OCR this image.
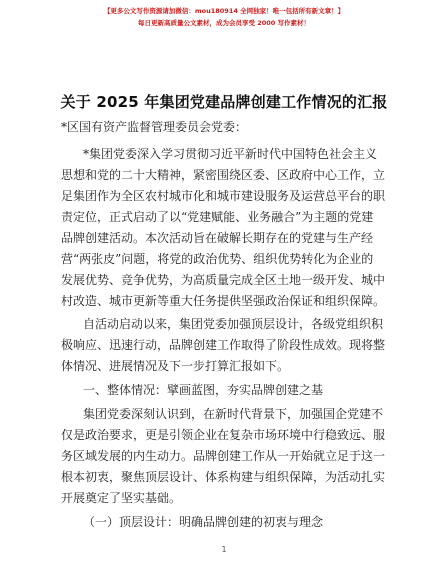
【更多公文写作资源请加微信：mou180914 全网独家！唯一包括所有新文章！】
每日更新高质量公文素材，成为会员享受 2000 写作素材！
关于 2025 年集团党建品牌创建工作情况的汇报
*区国有资产监督管理委员会党委：
*集团党委深入学习贯彻习近平新时代中国特色社会主义
思想和党的二十大精神，紧密围绕区委、区政府中心工作，立
足集团作为全区农村城市化和城市建设服务及运营总平台的职
责定位，正式启动了以“党建赋能、业务融合”为主题的党建
品牌创建活动。本次活动旨在破解长期存在的党建与生产经
营“两张皮”问题，将党的政治优势、组织优势转化为企业的
发展优势、竞争优势，为高质量完成全区土地一级开发、城中
村改造、城市更新等重大任务提供坚强政治保证和组织保障。
自活动启动以来，集团党委加强顶层设计，各级党组织积
极响应、迅速行动，品牌创建工作取得了阶段性成效。现将整
体情况、进展情况及下一步打算汇报如下。
一、整体情况：擘画蓝图，夯实品牌创建之基
集团党委深刻认识到，在新时代背景下，加强国企党建不
仅是政治要求，更是引领企业在复杂市场环境中行稳致远、服
务区域发展的内生动力。品牌创建工作从一开始就立足于这一
根本初衷，聚焦顶层设计、体系构建与组织保障，为活动扎实
开展奠定了坚实基础。
（一）顶层设计：明确品牌创建的初衷与理念
1
